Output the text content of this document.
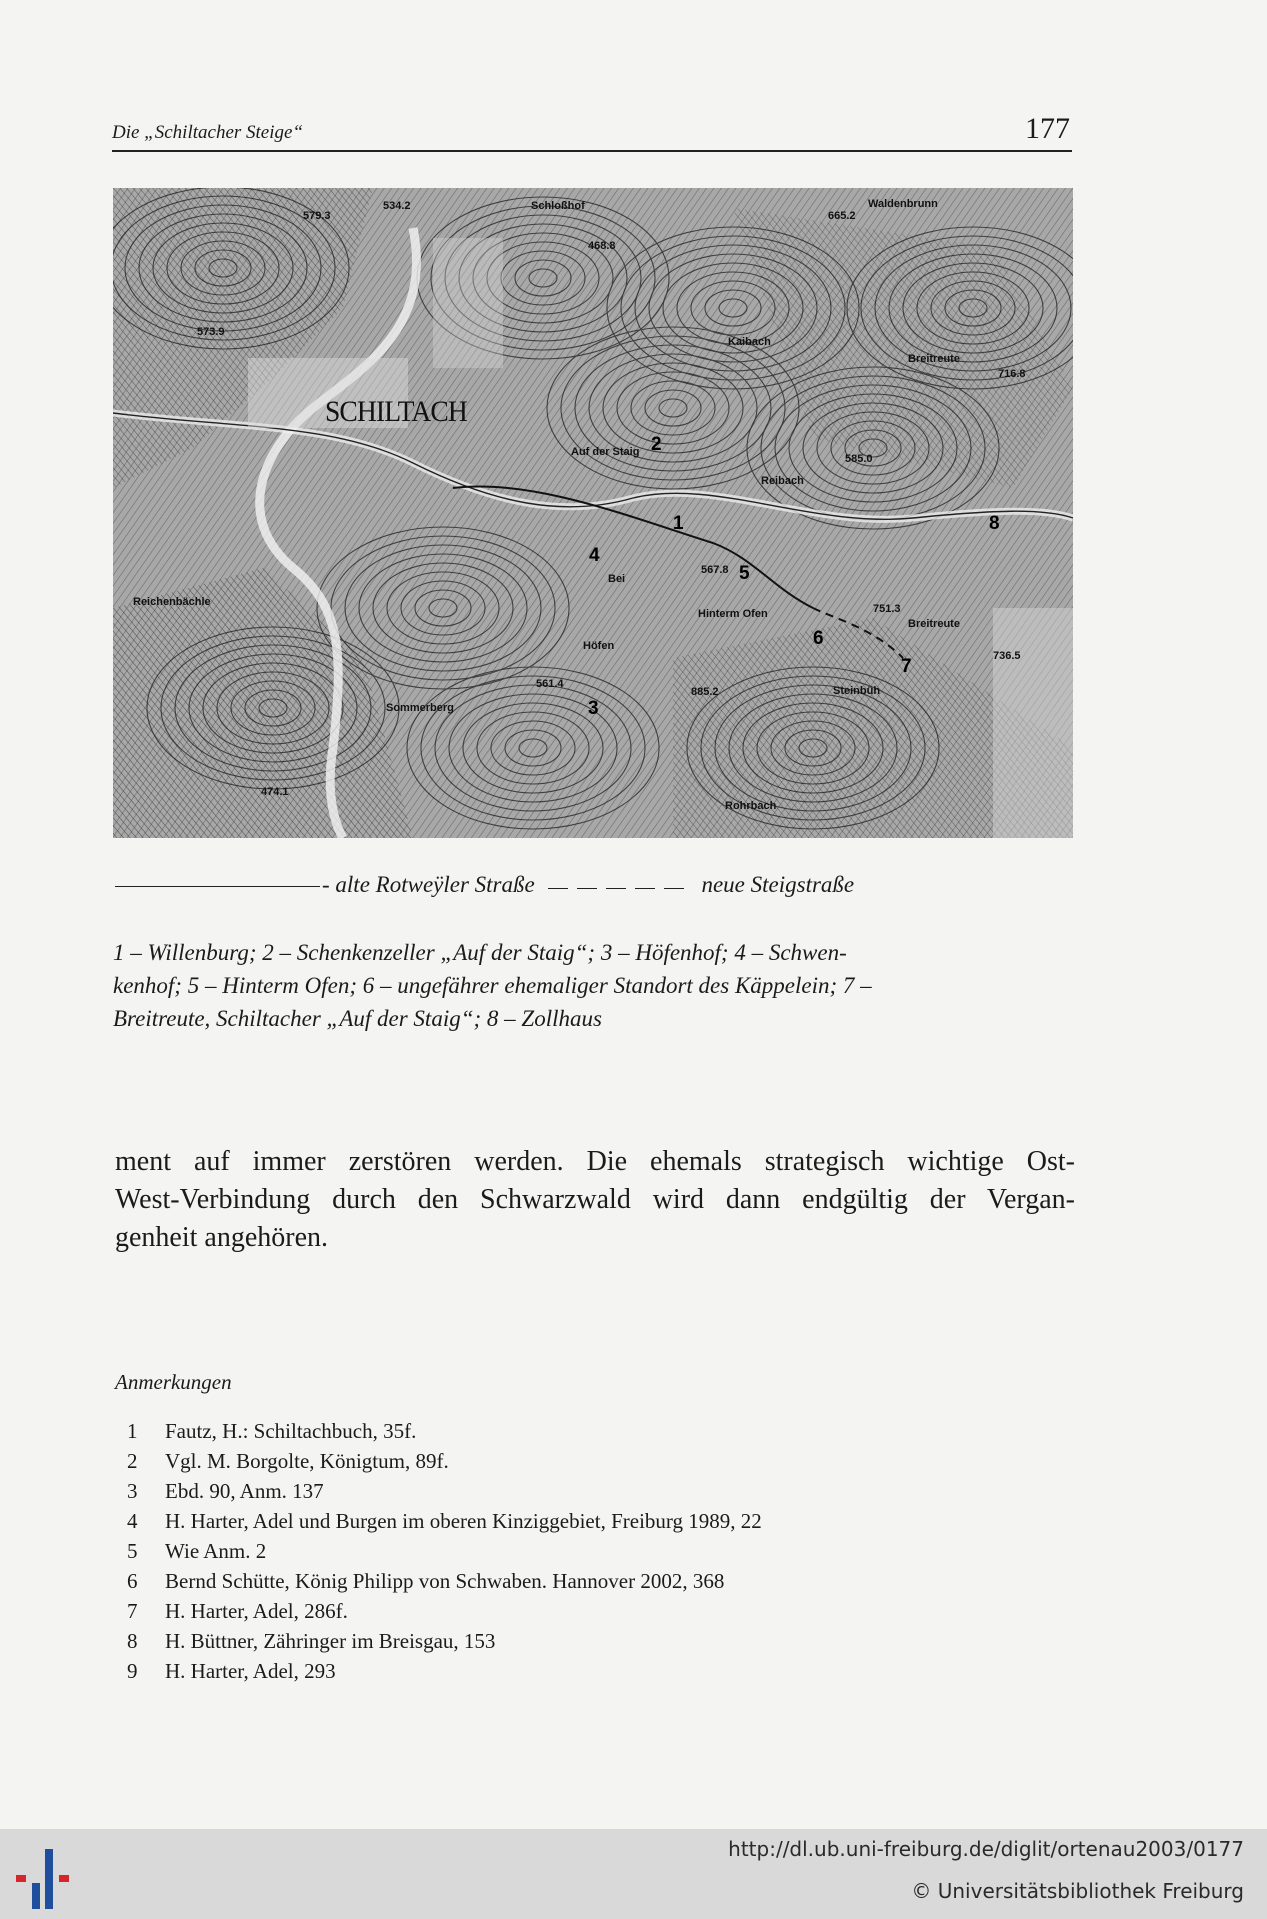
Die „Schiltacher Steige“	177
SCHILTACH
Schloßhof	Waldenbrunn
Kaibach
Breitreute
Reibach
Auf der Staig
Bei
Höfen
Hinterm Ofen
Steinbüh
Rohrbach
Breitreute
Sommerberg
Reichenbächle
534.2
579.3	665.2
716.8
567.8
751.3
736.5
468.8
474.1
573.9
561.4
885.2
585.0
1
2
3
4
5
6
7
8
- alte Rotweÿler Straße	neue Steigstraße
1 – Willenburg; 2 – Schenkenzeller „Auf der Staig“; 3 – Höfenhof; 4 – Schwen-
kenhof; 5 – Hinterm Ofen; 6 – ungefährer ehemaliger Standort des Käppelein; 7 –
Breitreute, Schiltacher „Auf der Staig“; 8 – Zollhaus
ment auf immer zerstören werden. Die ehemals strategisch wichtige Ost-
West-Verbindung durch den Schwarzwald wird dann endgültig der Vergan-
genheit angehören.
Anmerkungen
1 Fautz, H.: Schiltachbuch, 35f.
2 Vgl. M. Borgolte, Königtum, 89f.
3 Ebd. 90, Anm. 137
4 H. Harter, Adel und Burgen im oberen Kinziggebiet, Freiburg 1989, 22
5 Wie Anm. 2
6 Bernd Schütte, König Philipp von Schwaben. Hannover 2002, 368
7 H. Harter, Adel, 286f.
8 H. Büttner, Zähringer im Breisgau, 153
9 H. Harter, Adel, 293
http://dl.ub.uni-freiburg.de/diglit/ortenau2003/0177
© Universitätsbibliothek Freiburg
